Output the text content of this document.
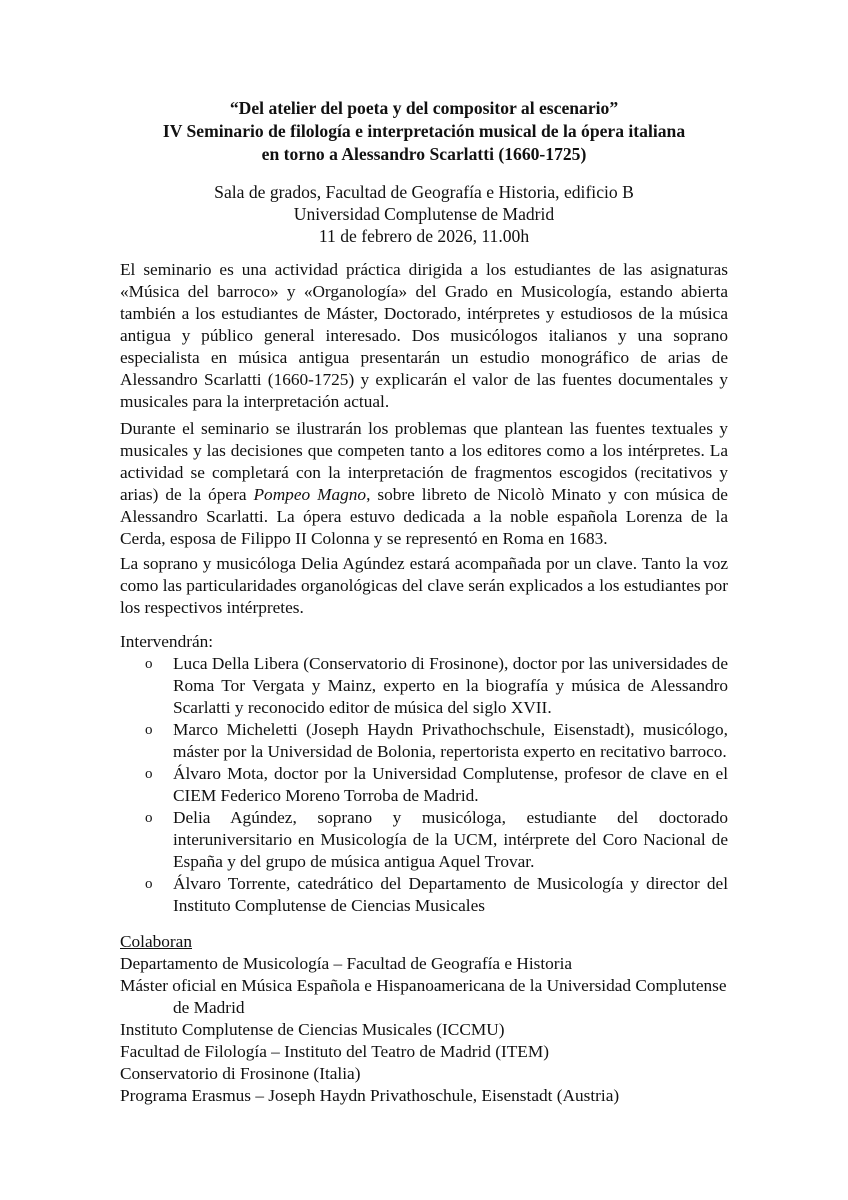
“Del atelier del poeta y del compositor al escenario”
IV Seminario de filología e interpretación musical de la ópera italiana
en torno a Alessandro Scarlatti (1660-1725)
Sala de grados, Facultad de Geografía e Historia, edificio B
Universidad Complutense de Madrid
11 de febrero de 2026, 11.00h
El seminario es una actividad práctica dirigida a los estudiantes de las asignaturas «Música del barroco» y «Organología» del Grado en Musicología, estando abierta también a los estudiantes de Máster, Doctorado, intérpretes y estudiosos de la música antigua y público general interesado. Dos musicólogos italianos y una soprano especialista en música antigua presentarán un estudio monográfico de arias de Alessandro Scarlatti (1660-1725) y explicarán el valor de las fuentes documentales y musicales para la interpretación actual.
Durante el seminario se ilustrarán los problemas que plantean las fuentes textuales y musicales y las decisiones que competen tanto a los editores como a los intérpretes. La actividad se completará con la interpretación de fragmentos escogidos (recitativos y arias) de la ópera Pompeo Magno, sobre libreto de Nicolò Minato y con música de Alessandro Scarlatti. La ópera estuvo dedicada a la noble española Lorenza de la Cerda, esposa de Filippo II Colonna y se representó en Roma en 1683.
La soprano y musicóloga Delia Agúndez estará acompañada por un clave. Tanto la voz como las particularidades organológicas del clave serán explicados a los estudiantes por los respectivos intérpretes.
Intervendrán:
o Luca Della Libera (Conservatorio di Frosinone), doctor por las universidades de Roma Tor Vergata y Mainz, experto en la biografía y música de Alessandro Scarlatti y reconocido editor de música del siglo XVII.
o Marco Micheletti (Joseph Haydn Privathochschule, Eisenstadt), musicólogo, máster por la Universidad de Bolonia, repertorista experto en recitativo barroco.
o Álvaro Mota, doctor por la Universidad Complutense, profesor de clave en el CIEM Federico Moreno Torroba de Madrid.
o Delia Agúndez, soprano y musicóloga, estudiante del doctorado interuniversitario en Musicología de la UCM, intérprete del Coro Nacional de España y del grupo de música antigua Aquel Trovar.
o Álvaro Torrente, catedrático del Departamento de Musicología y director del Instituto Complutense de Ciencias Musicales
Colaboran
Departamento de Musicología – Facultad de Geografía e Historia
Máster oficial en Música Española e Hispanoamericana de la Universidad Complutense
de Madrid
Instituto Complutense de Ciencias Musicales (ICCMU)
Facultad de Filología – Instituto del Teatro de Madrid (ITEM)
Conservatorio di Frosinone (Italia)
Programa Erasmus – Joseph Haydn Privathoschule, Eisenstadt (Austria)
